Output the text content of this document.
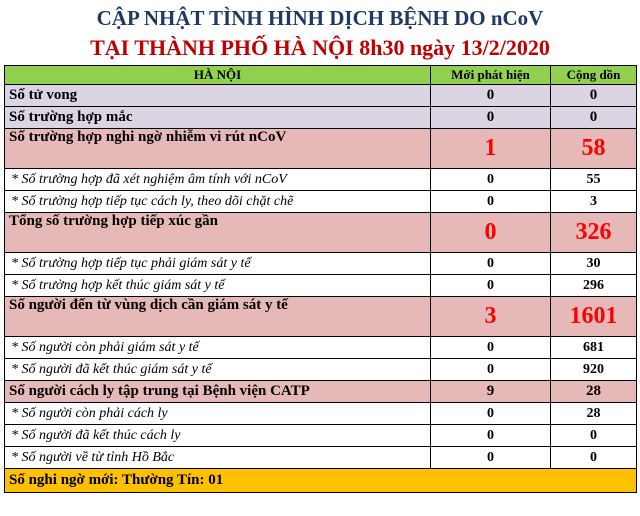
CẬP NHẬT TÌNH HÌNH DỊCH BỆNH DO nCoV
TẠI THÀNH PHỐ HÀ NỘI 8h30 ngày 13/2/2020
HÀ NỘI	Mới phát hiện	Cộng dồn
Số tử vong	0	0
Số trường hợp mắc	0	0
Số trường hợp nghi ngờ nhiễm vi rút nCoV	1	58
* Số trường hợp đã xét nghiệm âm tính với nCoV	0	55
* Số trường hợp tiếp tục cách ly, theo dõi chặt chẽ	0	3
Tổng số trường hợp tiếp xúc gần	0	326
* Số trường hợp tiếp tục phải giám sát y tế	0	30
* Số trường hợp kết thúc giám sát y tế	0	296
Số người đến từ vùng dịch cần giám sát y tế	3	1601
* Số người còn phải giám sát y tế	0	681
* Số người đã kết thúc giám sát y tế	0	920
Số người cách ly tập trung tại Bệnh viện CATP	9	28
* Số người còn phải cách ly	0	28
* Số người đã kết thúc cách ly	0	0
* Số người về từ tỉnh Hồ Bắc	0	0
Số nghi ngờ mới: Thường Tín: 01		
